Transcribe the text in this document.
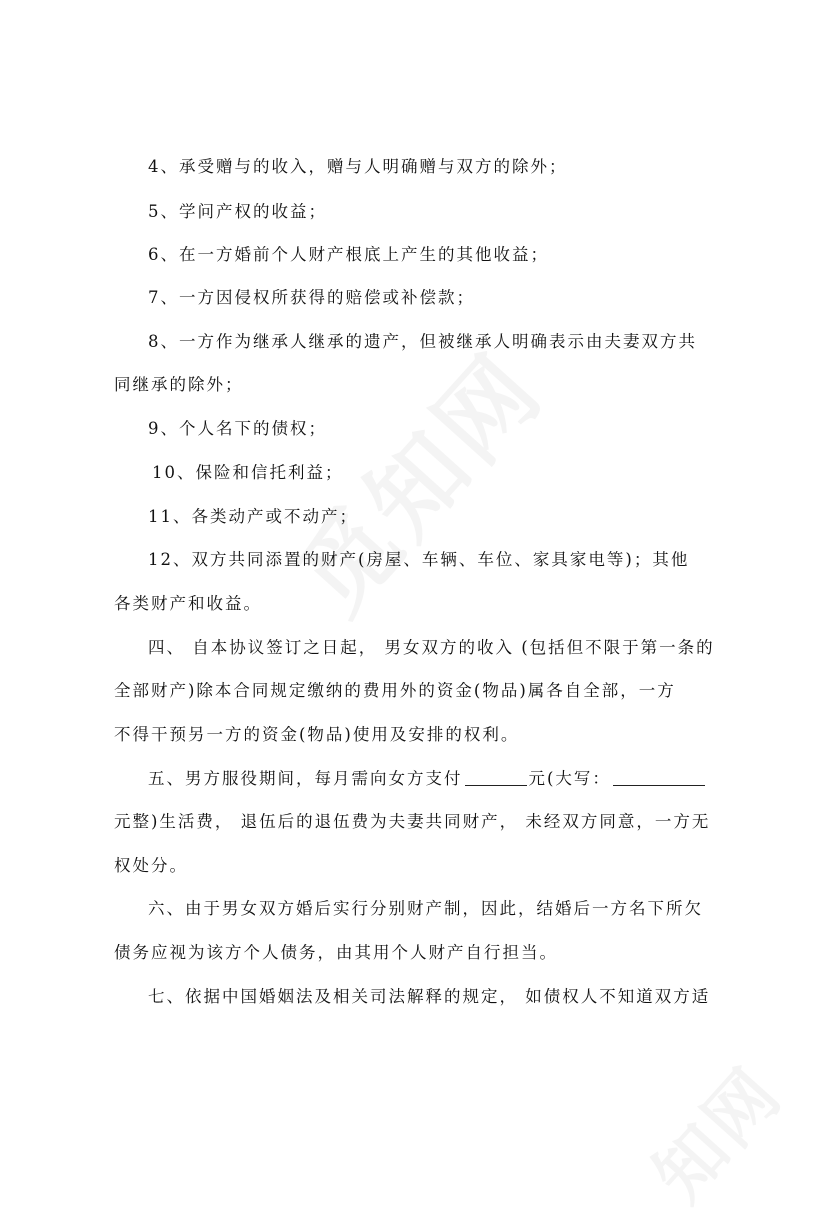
4、承受赠与的收入，赠与人明确赠与双方的除外；
5、学问产权的收益；
6、在一方婚前个人财产根底上产生的其他收益；
7、一方因侵权所获得的赔偿或补偿款；
8、一方作为继承人继承的遗产，但被继承人明确表示由夫妻双方共
同继承的除外；
9、个人名下的债权；
10、保险和信托利益；
11、各类动产或不动产；
12、双方共同添置的财产(房屋、车辆、车位、家具家电等)；其他
各类财产和收益。
四、 自本协议签订之日起， 男女双方的收入 (包括但不限于第一条的
全部财产)除本合同规定缴纳的费用外的资金(物品)属各自全部，一方
不得干预另一方的资金(物品)使用及安排的权利。
五、男方服役期间，每月需向女方支付	元(大写：
元整)生活费， 退伍后的退伍费为夫妻共同财产， 未经双方同意，一方无
权处分。
六、由于男女双方婚后实行分别财产制，因此，结婚后一方名下所欠
债务应视为该方个人债务，由其用个人财产自行担当。
七、依据中国婚姻法及相关司法解释的规定， 如债权人不知道双方适
